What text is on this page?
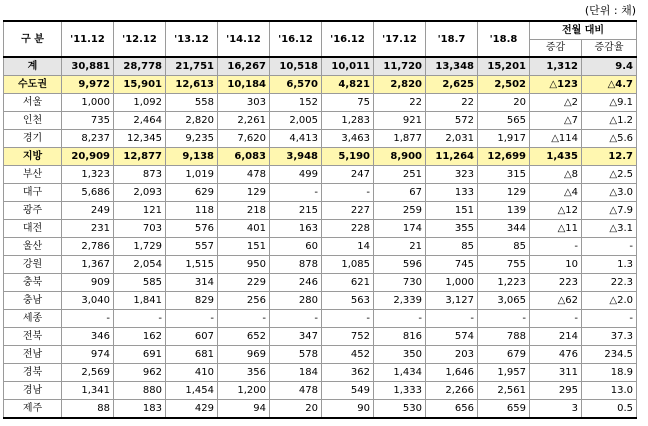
(단위 : 채)
구 분	'11.12	'12.12	'13.12	'14.12	'16.12	'16.12	'17.12	'18.7	'18.8	전월 대비	
										증감	증감율
계	30,881	28,778	21,751	16,267	10,518	10,011	11,720	13,348	15,201	1,312	9.4
수도권	9,972	15,901	12,613	10,184	6,570	4,821	2,820	2,625	2,502	△123	△4.7
서울	1,000	1,092	558	303	152	75	22	22	20	△2	△9.1
인천	735	2,464	2,820	2,261	2,005	1,283	921	572	565	△7	△1.2
경기	8,237	12,345	9,235	7,620	4,413	3,463	1,877	2,031	1,917	△114	△5.6
지방	20,909	12,877	9,138	6,083	3,948	5,190	8,900	11,264	12,699	1,435	12.7
부산	1,323	873	1,019	478	499	247	251	323	315	△8	△2.5
대구	5,686	2,093	629	129	-	-	67	133	129	△4	△3.0
광주	249	121	118	218	215	227	259	151	139	△12	△7.9
대전	231	703	576	401	163	228	174	355	344	△11	△3.1
울산	2,786	1,729	557	151	60	14	21	85	85	-	-
강원	1,367	2,054	1,515	950	878	1,085	596	745	755	10	1.3
충북	909	585	314	229	246	621	730	1,000	1,223	223	22.3
충남	3,040	1,841	829	256	280	563	2,339	3,127	3,065	△62	△2.0
세종	-	-	-	-	-	-	-	-	-	-	-
전북	346	162	607	652	347	752	816	574	788	214	37.3
전남	974	691	681	969	578	452	350	203	679	476	234.5
경북	2,569	962	410	356	184	362	1,434	1,646	1,957	311	18.9
경남	1,341	880	1,454	1,200	478	549	1,333	2,266	2,561	295	13.0
제주	88	183	429	94	20	90	530	656	659	3	0.5
